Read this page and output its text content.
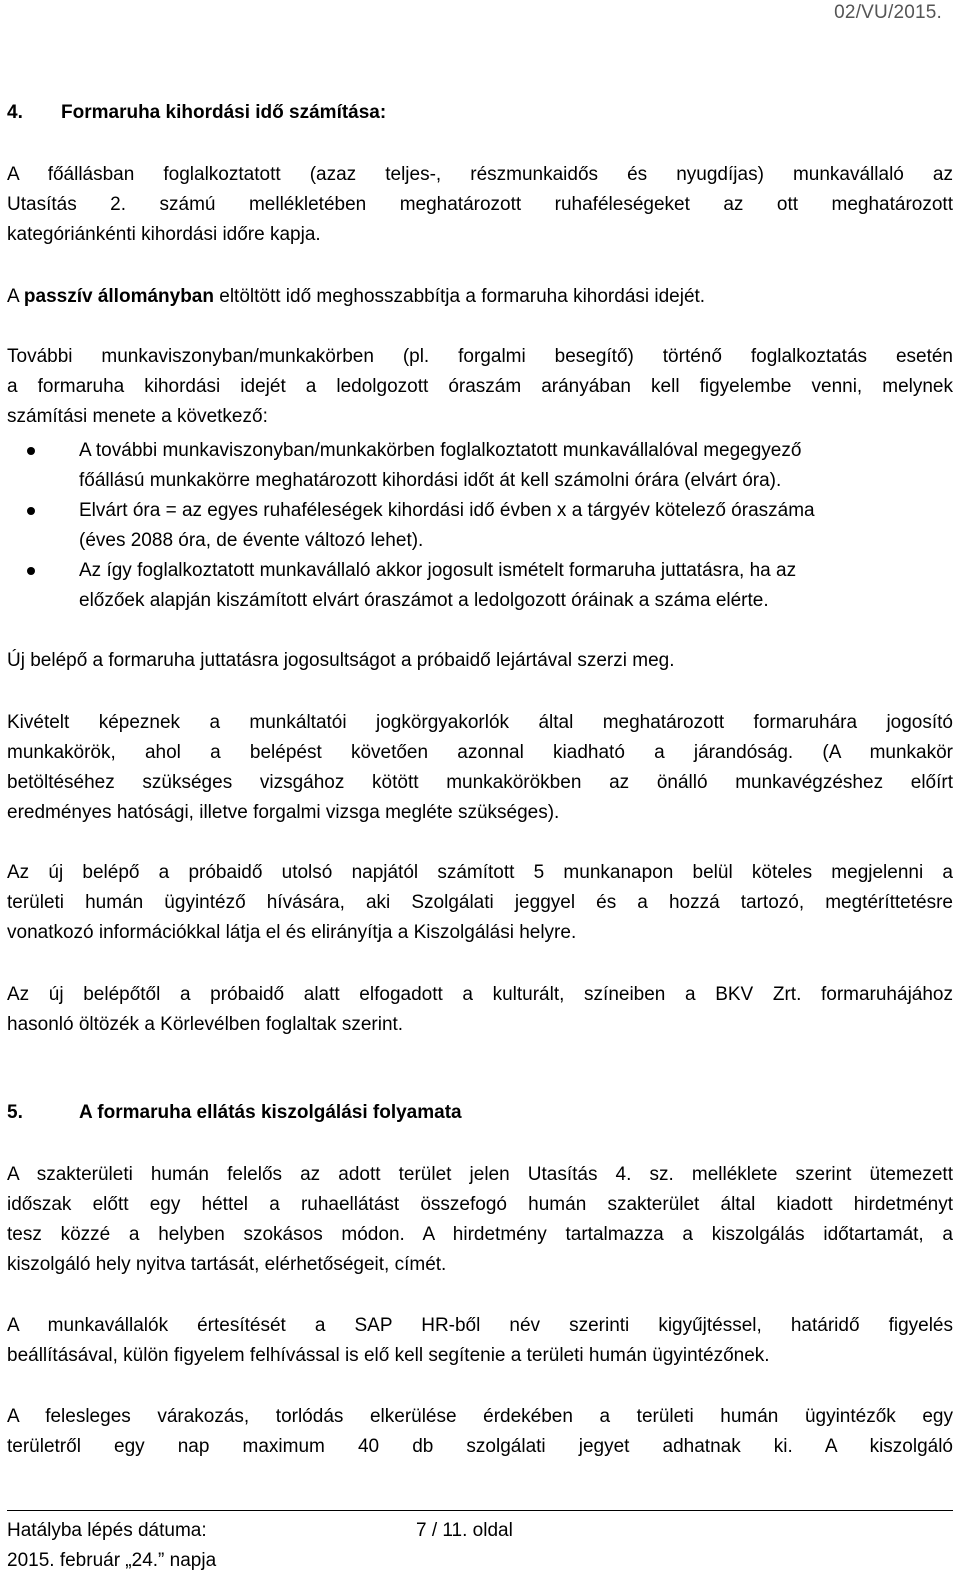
02/VU/2015.
4. Formaruha kihordási idő számítása:
A főállásban foglalkoztatott (azaz teljes-, részmunkaidős és nyugdíjas) munkavállaló az
Utasítás 2. számú mellékletében meghatározott ruhaféleségeket az ott meghatározott
kategóriánkénti kihordási időre kapja.
A passzív állományban eltöltött idő meghosszabbítja a formaruha kihordási idejét.
További munkaviszonyban/munkakörben (pl. forgalmi besegítő) történő foglalkoztatás esetén
a formaruha kihordási idejét a ledolgozott óraszám arányában kell figyelembe venni, melynek
számítási menete a következő:
A további munkaviszonyban/munkakörben foglalkoztatott munkavállalóval megegyező
főállású munkakörre meghatározott kihordási időt át kell számolni órára (elvárt óra).
Elvárt óra = az egyes ruhaféleségek kihordási idő évben x a tárgyév kötelező óraszáma
(éves 2088 óra, de évente változó lehet).
Az így foglalkoztatott munkavállaló akkor jogosult ismételt formaruha juttatásra, ha az
előzőek alapján kiszámított elvárt óraszámot a ledolgozott óráinak a száma elérte.
Új belépő a formaruha juttatásra jogosultságot a próbaidő lejártával szerzi meg.
Kivételt képeznek a munkáltatói jogkörgyakorlók által meghatározott formaruhára jogosító
munkakörök, ahol a belépést követően azonnal kiadható a járandóság. (A munkakör
betöltéséhez szükséges vizsgához kötött munkakörökben az önálló munkavégzéshez előírt
eredményes hatósági, illetve forgalmi vizsga megléte szükséges).
Az új belépő a próbaidő utolsó napjától számított 5 munkanapon belül köteles megjelenni a
területi humán ügyintéző hívására, aki Szolgálati jeggyel és a hozzá tartozó, megtéríttetésre
vonatkozó információkkal látja el és elirányítja a Kiszolgálási helyre.
Az új belépőtől a próbaidő alatt elfogadott a kulturált, színeiben a BKV Zrt. formaruhájához
hasonló öltözék a Körlevélben foglaltak szerint.
5.	A formaruha ellátás kiszolgálási folyamata
A szakterületi humán felelős az adott terület jelen Utasítás 4. sz. melléklete szerint ütemezett
időszak előtt egy héttel a ruhaellátást összefogó humán szakterület által kiadott hirdetményt
tesz közzé a helyben szokásos módon. A hirdetmény tartalmazza a kiszolgálás időtartamát, a
kiszolgáló hely nyitva tartását, elérhetőségeit, címét.
A munkavállalók értesítését a SAP HR-ből név szerinti kigyűjtéssel, határidő figyelés
beállításával, külön figyelem felhívással is elő kell segítenie a területi humán ügyintézőnek.
A felesleges várakozás, torlódás elkerülése érdekében a területi humán ügyintézők egy
területről egy nap maximum 40 db szolgálati jegyet adhatnak ki. A kiszolgáló
Hatályba lépés dátuma:
2015. február „24.” napja
7 / 11. oldal
